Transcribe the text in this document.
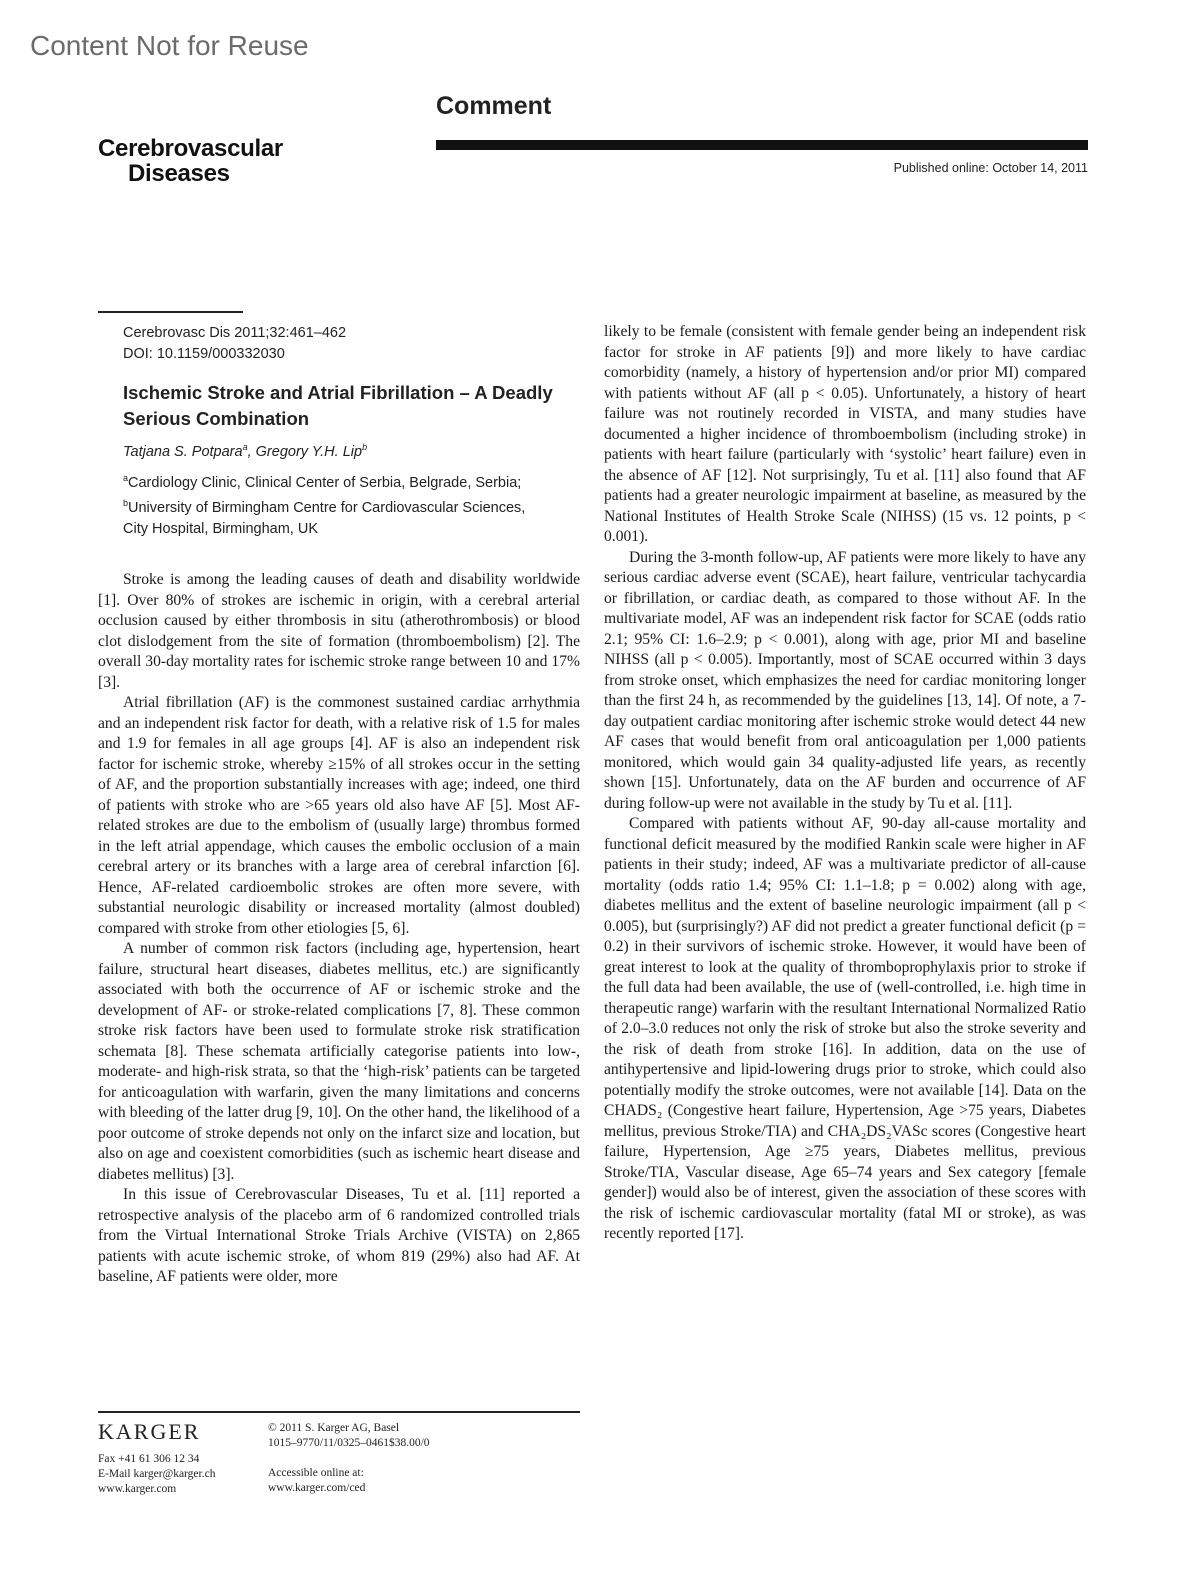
Content Not for Reuse
Comment
Cerebrovascular
Diseases	Published online: October 14, 2011
Cerebrovasc Dis 2011;32:461–462
DOI: 10.1159/000332030
Ischemic Stroke and Atrial Fibrillation – A Deadly Serious Combination
Tatjana S. Potpara$^a$, Gregory Y.H. Lip$^b$
$^a$Cardiology Clinic, Clinical Center of Serbia, Belgrade, Serbia;
$^b$University of Birmingham Centre for Cardiovascular Sciences,
City Hospital, Birmingham, UK

Stroke is among the leading causes of death and disability worldwide [1]. Over 80% of strokes are ischemic in origin, with a cerebral arterial occlusion caused by either thrombosis in situ (atherothrombosis) or blood clot dislodgement from the site of formation (thromboembolism) [2]. The overall 30-day mortality rates for ischemic stroke range between 10 and 17% [3].

Atrial fibrillation (AF) is the commonest sustained cardiac arrhythmia and an independent risk factor for death, with a relative risk of 1.5 for males and 1.9 for females in all age groups [4]. AF is also an independent risk factor for ischemic stroke, whereby ≥15% of all strokes occur in the setting of AF, and the proportion substantially increases with age; indeed, one third of patients with stroke who are >65 years old also have AF [5]. Most AF-related strokes are due to the embolism of (usually large) thrombus formed in the left atrial appendage, which causes the embolic occlusion of a main cerebral artery or its branches with a large area of cerebral infarction [6]. Hence, AF-related cardioembolic strokes are often more severe, with substantial neurologic disability or increased mortality (almost doubled) compared with stroke from other etiologies [5, 6].

A number of common risk factors (including age, hypertension, heart failure, structural heart diseases, diabetes mellitus, etc.) are significantly associated with both the occurrence of AF or ischemic stroke and the development of AF- or stroke-related complications [7, 8]. These common stroke risk factors have been used to formulate stroke risk stratification schemata [8]. These schemata artificially categorise patients into low-, moderate- and high-risk strata, so that the ‘high-risk’ patients can be targeted for anticoagulation with warfarin, given the many limitations and concerns with bleeding of the latter drug [9, 10]. On the other hand, the likelihood of a poor outcome of stroke depends not only on the infarct size and location, but also on age and coexistent comorbidities (such as ischemic heart disease and diabetes mellitus) [3].

In this issue of Cerebrovascular Diseases, Tu et al. [11] reported a retrospective analysis of the placebo arm of 6 randomized controlled trials from the Virtual International Stroke Trials Archive (VISTA) on 2,865 patients with acute ischemic stroke, of whom 819 (29%) also had AF. At baseline, AF patients were older, more

likely to be female (consistent with female gender being an independent risk factor for stroke in AF patients [9]) and more likely to have cardiac comorbidity (namely, a history of hypertension and/or prior MI) compared with patients without AF (all p < 0.05). Unfortunately, a history of heart failure was not routinely recorded in VISTA, and many studies have documented a higher incidence of thromboembolism (including stroke) in patients with heart failure (particularly with ‘systolic’ heart failure) even in the absence of AF [12]. Not surprisingly, Tu et al. [11] also found that AF patients had a greater neurologic impairment at baseline, as measured by the National Institutes of Health Stroke Scale (NIHSS) (15 vs. 12 points, p < 0.001).

During the 3-month follow-up, AF patients were more likely to have any serious cardiac adverse event (SCAE), heart failure, ventricular tachycardia or fibrillation, or cardiac death, as compared to those without AF. In the multivariate model, AF was an independent risk factor for SCAE (odds ratio 2.1; 95% CI: 1.6–2.9; p < 0.001), along with age, prior MI and baseline NIHSS (all p < 0.005). Importantly, most of SCAE occurred within 3 days from stroke onset, which emphasizes the need for cardiac monitoring longer than the first 24 h, as recommended by the guidelines [13, 14]. Of note, a 7-day outpatient cardiac monitoring after ischemic stroke would detect 44 new AF cases that would benefit from oral anticoagulation per 1,000 patients monitored, which would gain 34 quality-adjusted life years, as recently shown [15]. Unfortunately, data on the AF burden and occurrence of AF during follow-up were not available in the study by Tu et al. [11].

Compared with patients without AF, 90-day all-cause mortality and functional deficit measured by the modified Rankin scale were higher in AF patients in their study; indeed, AF was a multivariate predictor of all-cause mortality (odds ratio 1.4; 95% CI: 1.1–1.8; p = 0.002) along with age, diabetes mellitus and the extent of baseline neurologic impairment (all p < 0.005), but (surprisingly?) AF did not predict a greater functional deficit (p = 0.2) in their survivors of ischemic stroke. However, it would have been of great interest to look at the quality of thromboprophylaxis prior to stroke if the full data had been available, the use of (well-controlled, i.e. high time in therapeutic range) warfarin with the resultant International Normalized Ratio of 2.0–3.0 reduces not only the risk of stroke but also the stroke severity and the risk of death from stroke [16]. In addition, data on the use of antihypertensive and lipid-lowering drugs prior to stroke, which could also potentially modify the stroke outcomes, were not available [14]. Data on the CHADS₂ (Congestive heart failure, Hypertension, Age >75 years, Diabetes mellitus, previous Stroke/TIA) and CHA₂DS₂VASc scores (Congestive heart failure, Hypertension, Age ≥75 years, Diabetes mellitus, previous Stroke/TIA, Vascular disease, Age 65–74 years and Sex category [female gender]) would also be of interest, given the association of these scores with the risk of ischemic cardiovascular mortality (fatal MI or stroke), as was recently reported [17].

KARGER
Fax +41 61 306 12 34
E-Mail karger@karger.ch
www.karger.com
© 2011 S. Karger AG, Basel
1015–9770/11/0325–0461$38.00/0
Accessible online at:
www.karger.com/ced
